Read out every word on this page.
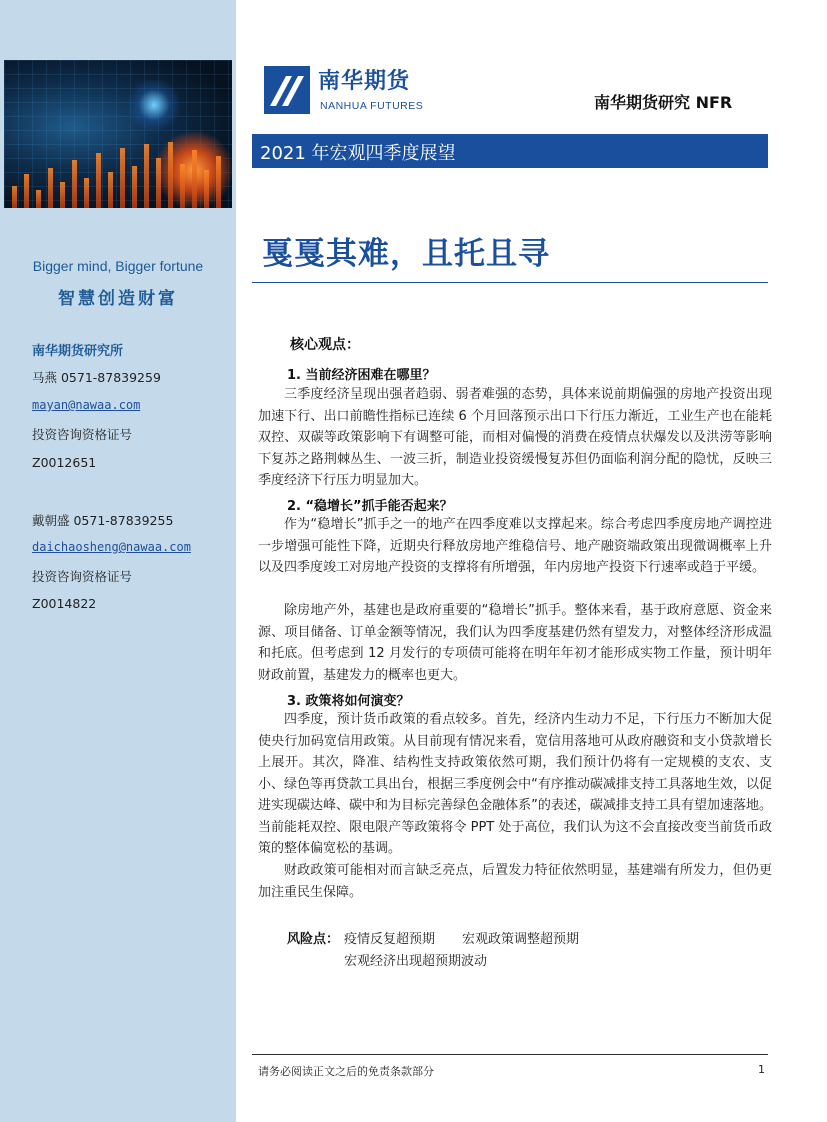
Bigger mind, Bigger fortune
智慧创造财富
南华期货研究所
马燕 0571-87839259
mayan@nawaa.com
投资咨询资格证号
Z0012651
戴朝盛 0571-87839255
daichaosheng@nawaa.com
投资咨询资格证号
Z0014822
南华期货
NANHUA FUTURES	南华期货研究 NFR
2021 年宏观四季度展望
戛戛其难，且托且寻
核心观点：
1. 当前经济困难在哪里？

三季度经济呈现出强者趋弱、弱者难强的态势，具体来说前期偏强的房地产投资出现加速下行、出口前瞻性指标已连续 6 个月回落预示出口下行压力渐近，工业生产也在能耗双控、双碳等政策影响下有调整可能，而相对偏慢的消费在疫情点状爆发以及洪涝等影响下复苏之路荆棘丛生、一波三折，制造业投资缓慢复苏但仍面临利润分配的隐忧，反映三季度经济下行压力明显加大。

2. “稳增长”抓手能否起来？

作为“稳增长”抓手之一的地产在四季度难以支撑起来。综合考虑四季度房地产调控进一步增强可能性下降，近期央行释放房地产维稳信号、地产融资端政策出现微调概率上升以及四季度竣工对房地产投资的支撑将有所增强，年内房地产投资下行速率或趋于平缓。

除房地产外，基建也是政府重要的“稳增长”抓手。整体来看，基于政府意愿、资金来源、项目储备、订单金额等情况，我们认为四季度基建仍然有望发力，对整体经济形成温和托底。但考虑到 12 月发行的专项债可能将在明年年初才能形成实物工作量，预计明年财政前置，基建发力的概率也更大。

3. 政策将如何演变？

四季度，预计货币政策的看点较多。首先，经济内生动力不足，下行压力不断加大促使央行加码宽信用政策。从目前现有情况来看，宽信用落地可从政府融资和支小贷款增长上展开。其次，降准、结构性支持政策依然可期，我们预计仍将有一定规模的支农、支小、绿色等再贷款工具出台，根据三季度例会中“有序推动碳减排支持工具落地生效，以促进实现碳达峰、碳中和为目标完善绿色金融体系”的表述，碳减排支持工具有望加速落地。当前能耗双控、限电限产等政策将令 PPT 处于高位，我们认为这不会直接改变当前货币政策的整体偏宽松的基调。

财政政策可能相对而言缺乏亮点，后置发力特征依然明显，基建端有所发力，但仍更加注重民生保障。

风险点： 疫情反复超预期 宏观政策调整超预期
宏观经济出现超预期波动
请务必阅读正文之后的免责条款部分	1
